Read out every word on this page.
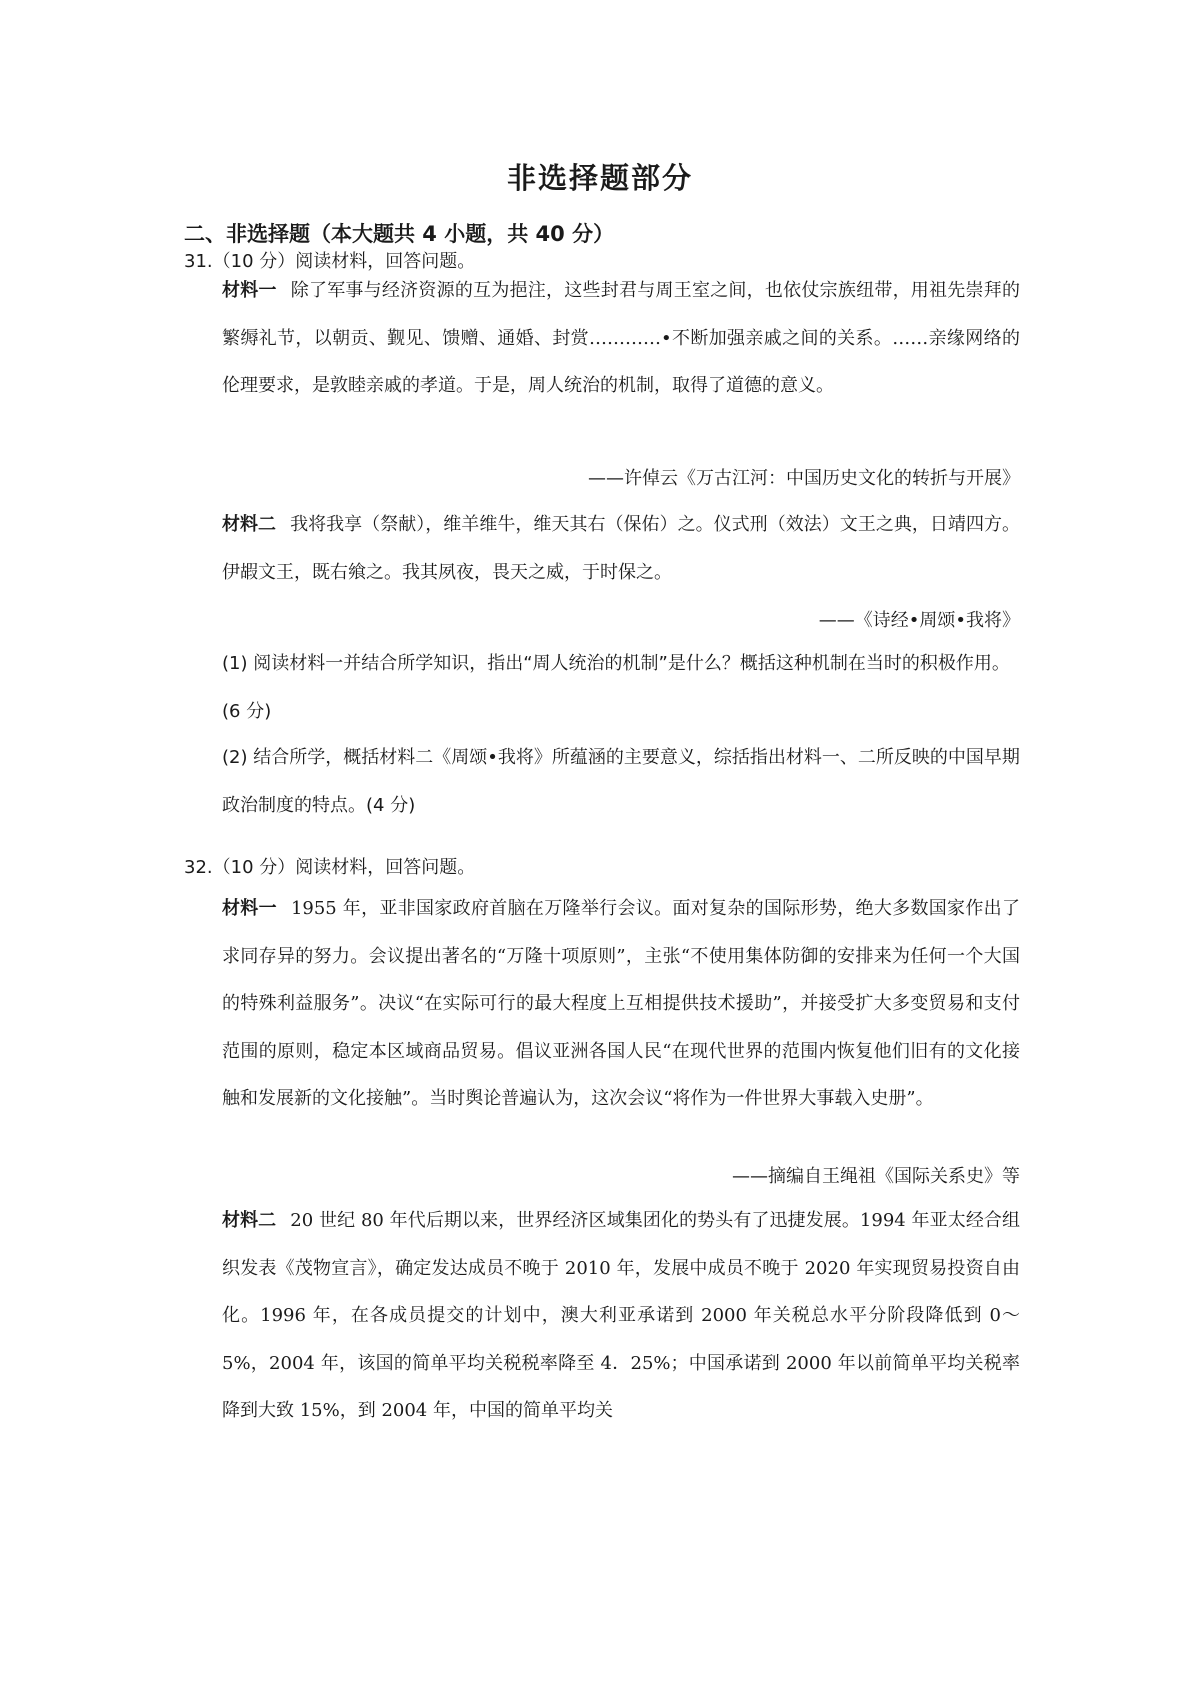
非选择题部分
二、非选择题（本大题共 4 小题，共 40 分）
31.（10 分）阅读材料，回答问题。
材料一 除了军事与经济资源的互为挹注，这些封君与周王室之间，也依仗宗族纽带，用祖先崇拜的繁缛礼节，以朝贡、觐见、馈赠、通婚、封赏…………•不断加强亲戚之间的关系。……亲缘网络的伦理要求，是敦睦亲戚的孝道。于是，周人统治的机制，取得了道德的意义。
——许倬云《万古江河：中国历史文化的转折与开展》
材料二 我将我享（祭献），维羊维牛，维天其右（保佑）之。仪式刑（效法）文王之典，日靖四方。伊嘏文王，既右飨之。我其夙夜，畏天之威，于时保之。
——《诗经•周颂•我将》
(1) 阅读材料一并结合所学知识，指出“周人统治的机制”是什么？概括这种机制在当时的积极作用。(6 分)
(2) 结合所学，概括材料二《周颂•我将》所蕴涵的主要意义，综括指出材料一、二所反映的中国早期政治制度的特点。(4 分)
32.（10 分）阅读材料，回答问题。
材料一 1955 年，亚非国家政府首脑在万隆举行会议。面对复杂的国际形势，绝大多数国家作出了求同存异的努力。会议提出著名的“万隆十项原则”，主张“不使用集体防御的安排来为任何一个大国的特殊利益服务”。决议“在实际可行的最大程度上互相提供技术援助”，并接受扩大多变贸易和支付范围的原则，稳定本区域商品贸易。倡议亚洲各国人民“在现代世界的范围内恢复他们旧有的文化接触和发展新的文化接触”。当时舆论普遍认为，这次会议“将作为一件世界大事载入史册”。
——摘编自王绳祖《国际关系史》等
材料二 20 世纪 80 年代后期以来，世界经济区域集团化的势头有了迅捷发展。1994 年亚太经合组织发表《茂物宣言》，确定发达成员不晚于 2010 年，发展中成员不晚于 2020 年实现贸易投资自由化。1996 年，在各成员提交的计划中，澳大利亚承诺到 2000 年关税总水平分阶段降低到 0～5%，2004 年，该国的简单平均关税税率降至 4．25%；中国承诺到 2000 年以前简单平均关税率降到大致 15%，到 2004 年，中国的简单平均关
